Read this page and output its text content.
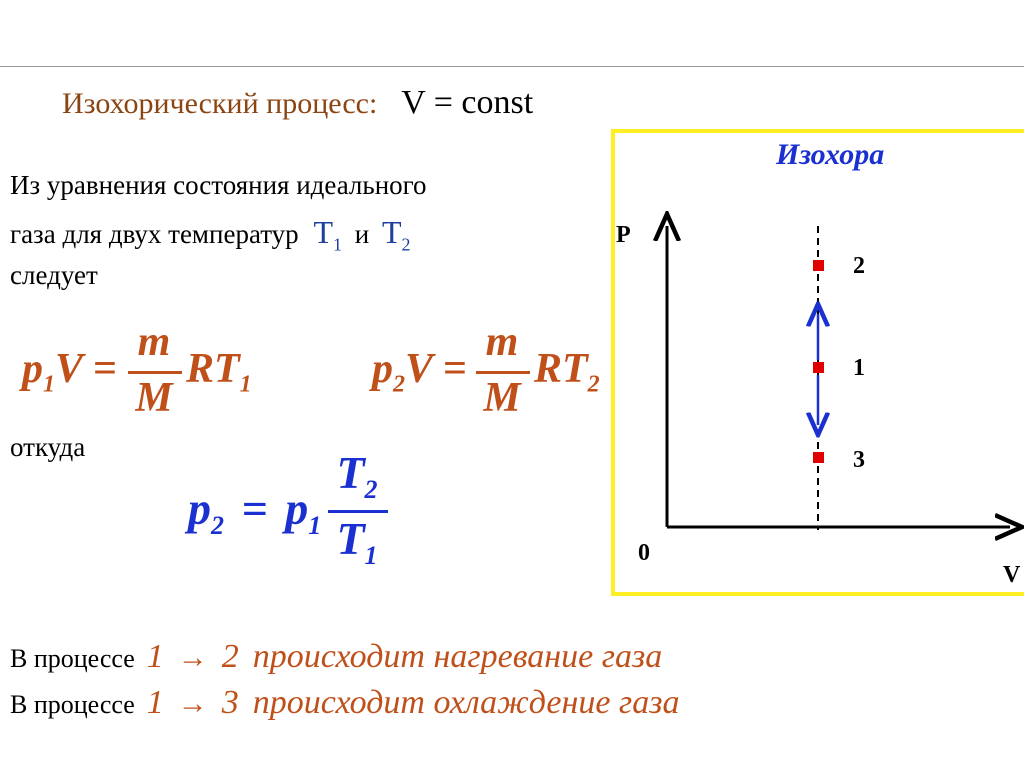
Изохорический процесс: V = const
Из уравнения состояния идеального
газа для двух температур $T_1$ и $T_2$
следует
$p_1V$ =
m
M
$RT_1$	$p_2V$ =
m
M
$RT_2$
откуда
$p_2 = p_1$
$T_2$
$T_1$
В процессе 1 → 2 происходит нагревание газа
В процессе 1 → 3 происходит охлаждение газа
Изохора
P
0
V
2
1
3
